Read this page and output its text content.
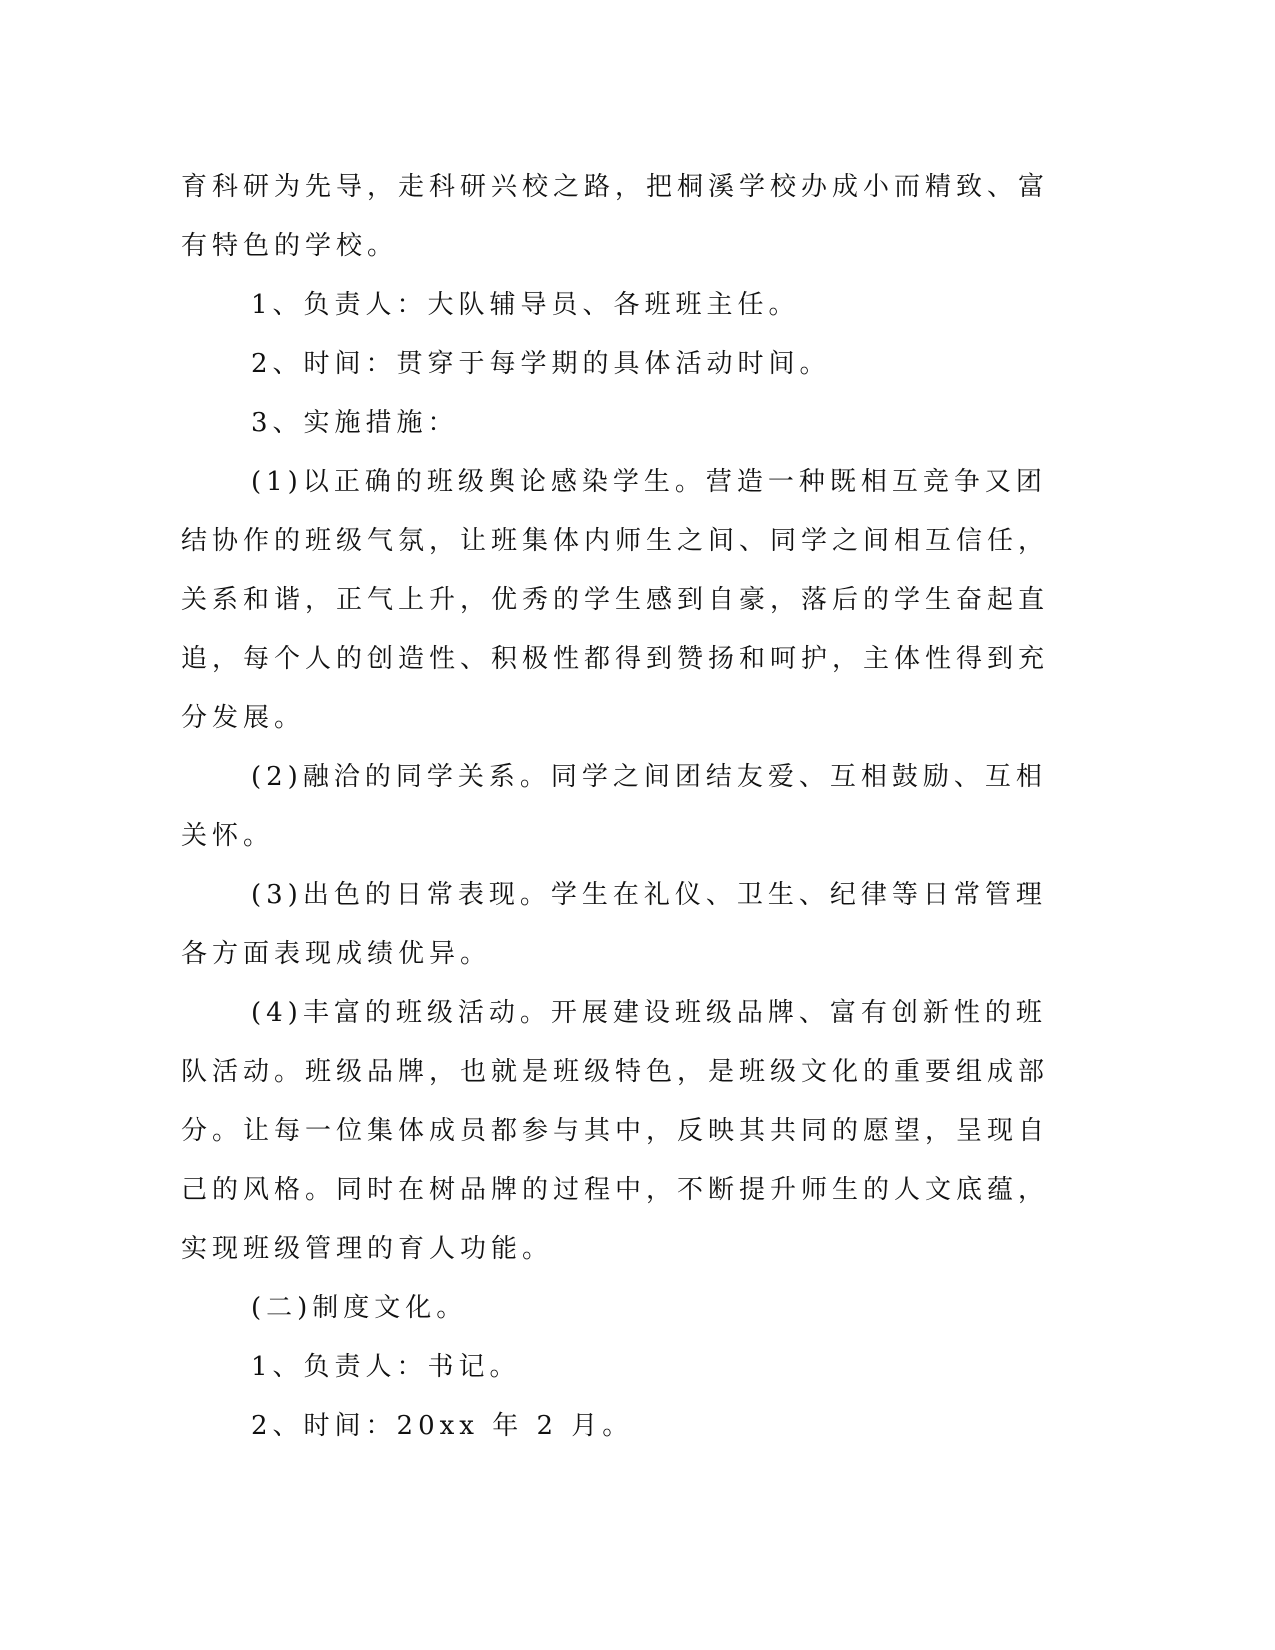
育科研为先导，走科研兴校之路，把桐溪学校办成小而精致、富有特色的学校。

1、负责人：大队辅导员、各班班主任。

2、时间：贯穿于每学期的具体活动时间。

3、实施措施：

(1)以正确的班级舆论感染学生。营造一种既相互竞争又团结协作的班级气氛，让班集体内师生之间、同学之间相互信任，关系和谐，正气上升，优秀的学生感到自豪，落后的学生奋起直追，每个人的创造性、积极性都得到赞扬和呵护，主体性得到充分发展。

(2)融洽的同学关系。同学之间团结友爱、互相鼓励、互相关怀。

(3)出色的日常表现。学生在礼仪、卫生、纪律等日常管理各方面表现成绩优异。

(4)丰富的班级活动。开展建设班级品牌、富有创新性的班队活动。班级品牌，也就是班级特色，是班级文化的重要组成部分。让每一位集体成员都参与其中，反映其共同的愿望，呈现自己的风格。同时在树品牌的过程中，不断提升师生的人文底蕴，实现班级管理的育人功能。

(二)制度文化。

1、负责人：书记。

2、时间：20xx 年 2 月。
